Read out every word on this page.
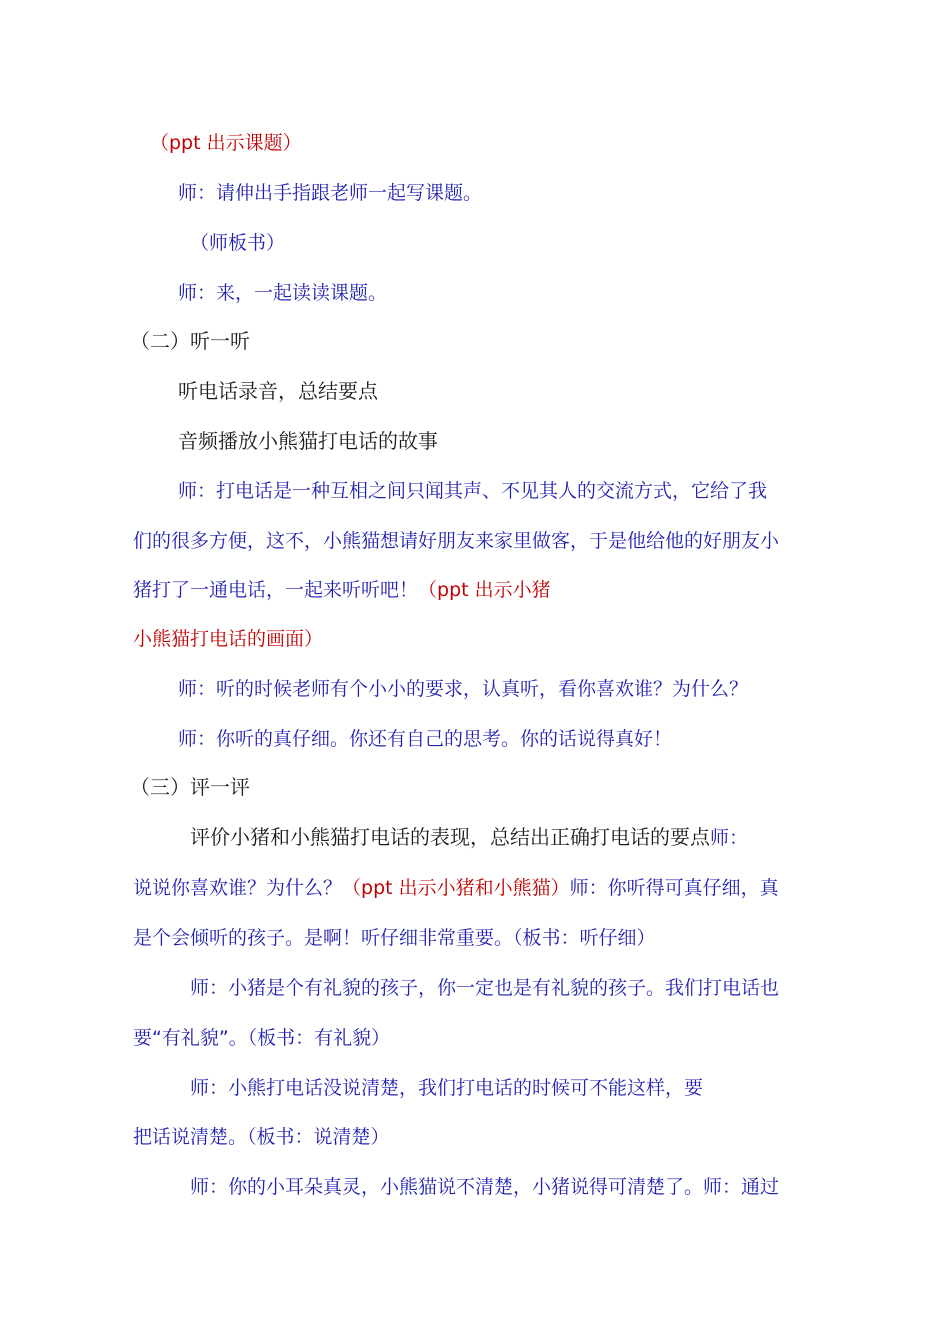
（ppt 出示课题）
师：请伸出手指跟老师一起写课题。
（师板书）
师：来，一起读读课题。
（二）听一听
听电话录音，总结要点
音频播放小熊猫打电话的故事
师：打电话是一种互相之间只闻其声、不见其人的交流方式，它给了我
们的很多方便，这不，小熊猫想请好朋友来家里做客，于是他给他的好朋友小
猪打了一通电话，一起来听听吧！（ppt 出示小猪
小熊猫打电话的画面）
师：听的时候老师有个小小的要求，认真听，看你喜欢谁？为什么？
师：你听的真仔细。你还有自己的思考。你的话说得真好！
（三）评一评
评价小猪和小熊猫打电话的表现，总结出正确打电话的要点师：
说说你喜欢谁？为什么？（ppt 出示小猪和小熊猫）师：你听得可真仔细，真
是个会倾听的孩子。是啊！听仔细非常重要。（板书：听仔细）
师：小猪是个有礼貌的孩子，你一定也是有礼貌的孩子。我们打电话也
要“有礼貌”。（板书：有礼貌）
师：小熊打电话没说清楚，我们打电话的时候可不能这样，要
把话说清楚。（板书：说清楚）
师：你的小耳朵真灵，小熊猫说不清楚，小猪说得可清楚了。师：通过
